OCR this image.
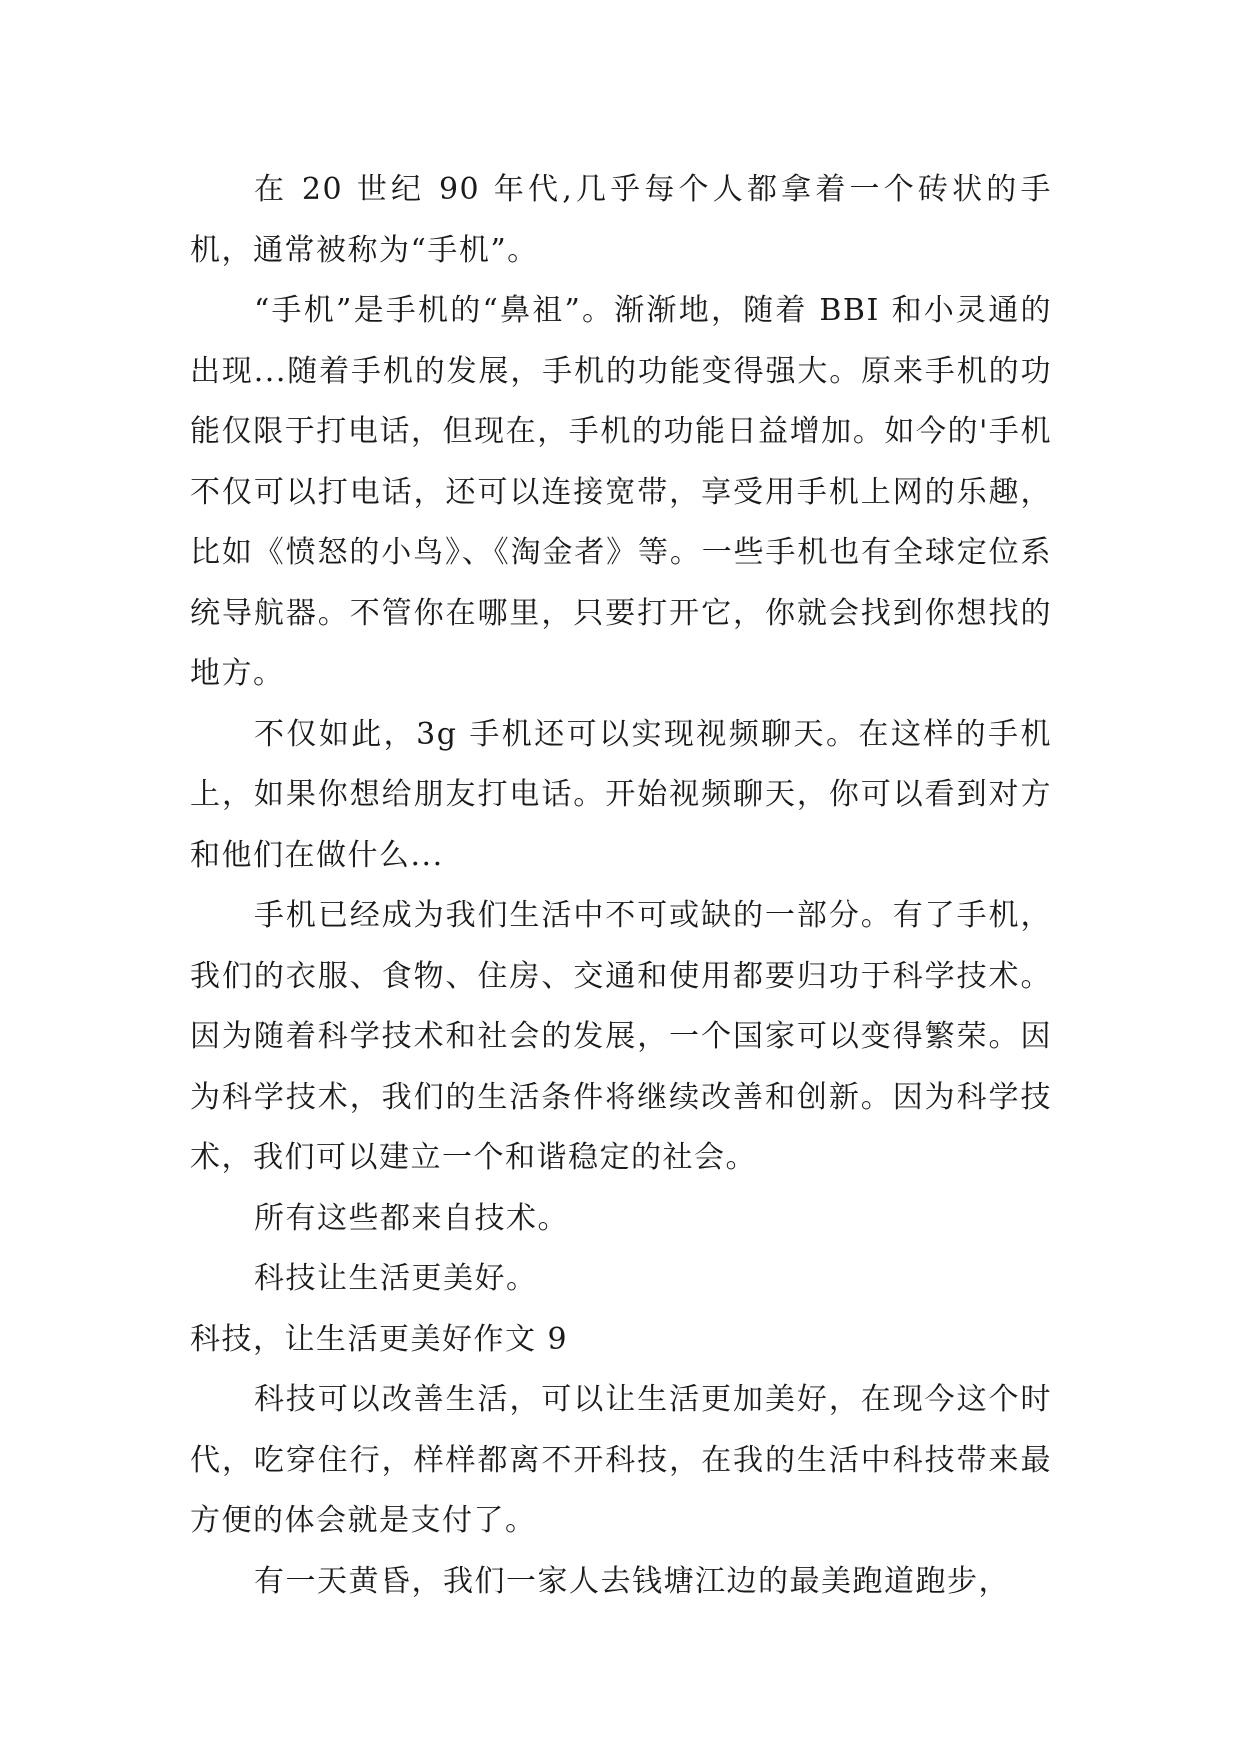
在 20 世纪 90 年代,几乎每个人都拿着一个砖状的手机，通常被称为“手机”。

“手机”是手机的“鼻祖”。渐渐地，随着 BBI 和小灵通的出现...随着手机的发展，手机的功能变得强大。原来手机的功能仅限于打电话，但现在，手机的功能日益增加。如今的'手机不仅可以打电话，还可以连接宽带，享受用手机上网的乐趣，比如《愤怒的小鸟》、《淘金者》等。一些手机也有全球定位系统导航器。不管你在哪里，只要打开它，你就会找到你想找的地方。

不仅如此，3g 手机还可以实现视频聊天。在这样的手机上，如果你想给朋友打电话。开始视频聊天，你可以看到对方和他们在做什么...

手机已经成为我们生活中不可或缺的一部分。有了手机，我们的衣服、食物、住房、交通和使用都要归功于科学技术。因为随着科学技术和社会的发展，一个国家可以变得繁荣。因为科学技术，我们的生活条件将继续改善和创新。因为科学技术，我们可以建立一个和谐稳定的社会。

所有这些都来自技术。

科技让生活更美好。

科技，让生活更美好作文 9

科技可以改善生活，可以让生活更加美好，在现今这个时代，吃穿住行，样样都离不开科技，在我的生活中科技带来最方便的体会就是支付了。

有一天黄昏，我们一家人去钱塘江边的最美跑道跑步，
